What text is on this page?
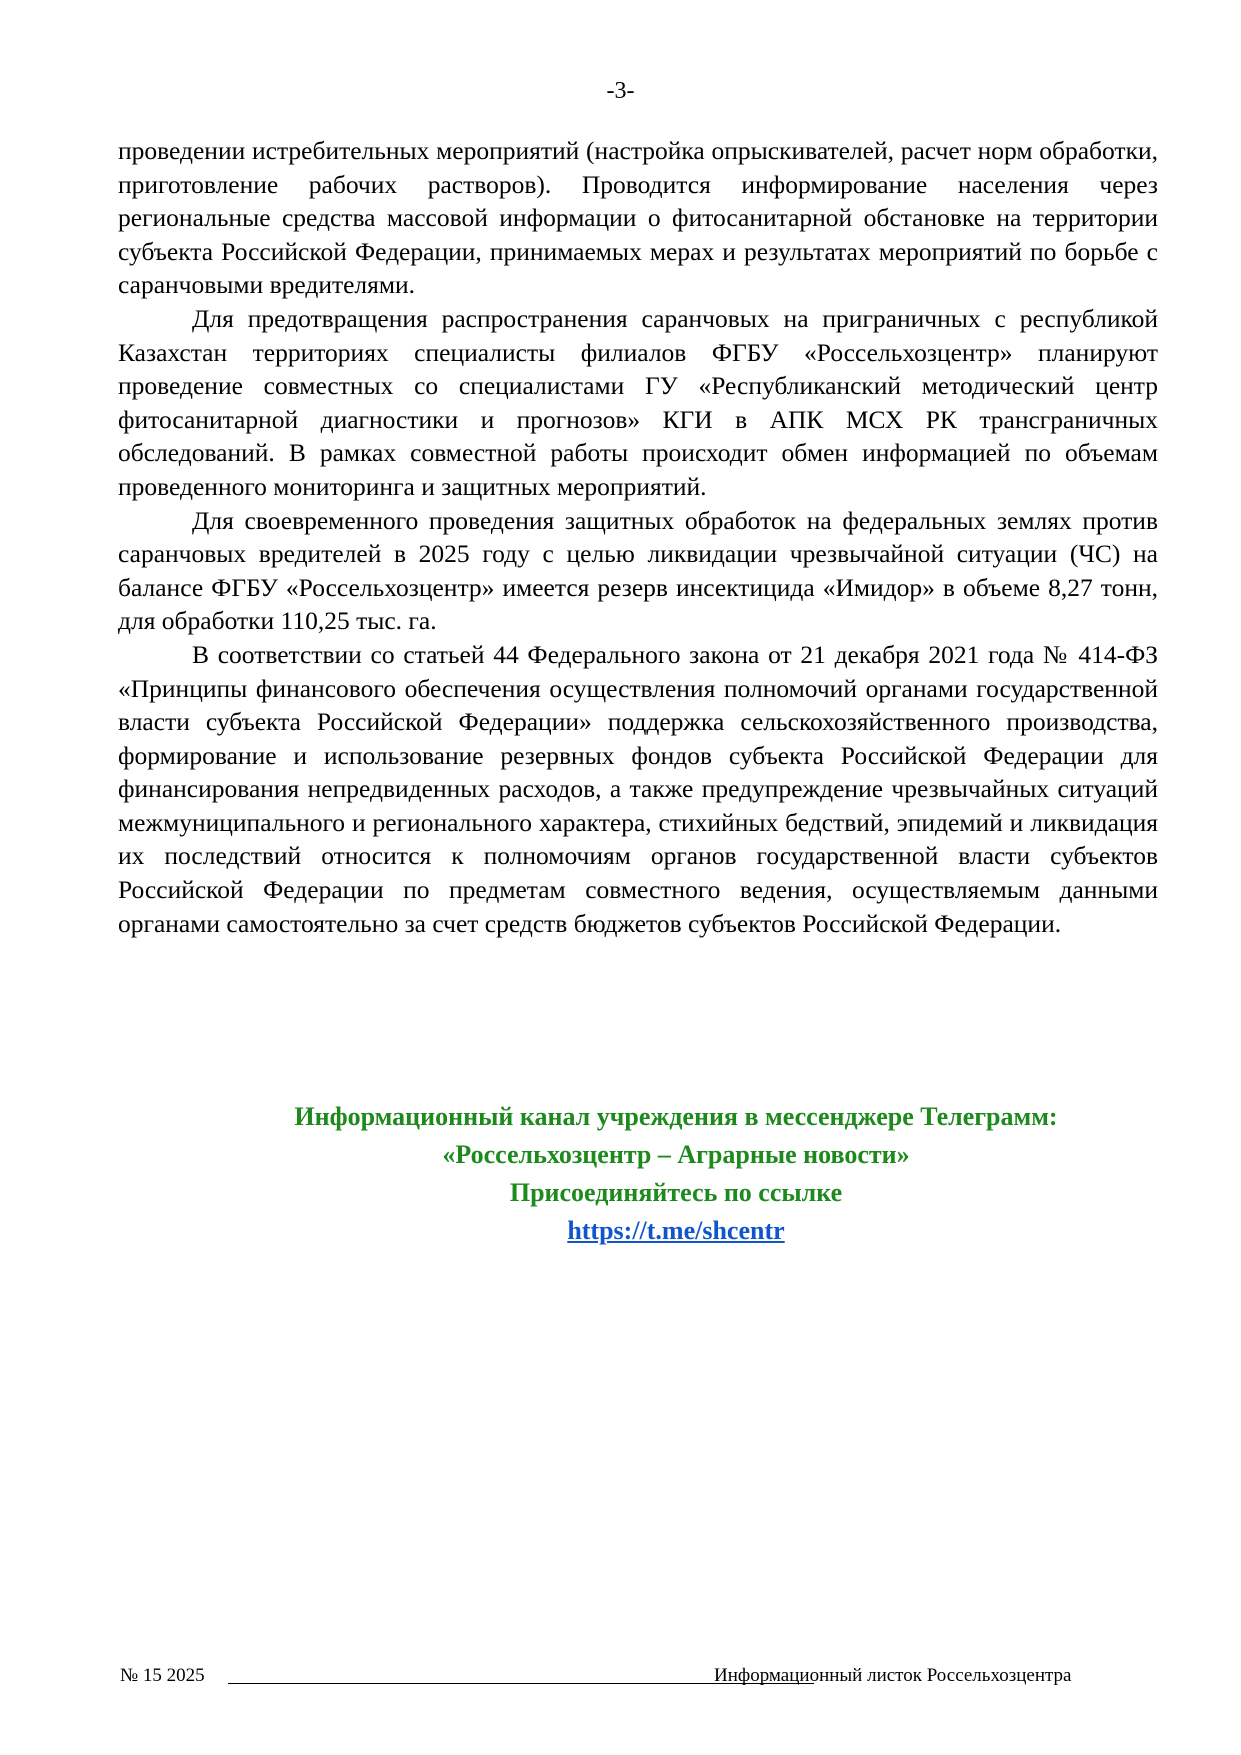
-3-

проведении истребительных мероприятий (настройка опрыскивателей, расчет норм обработки, приготовление рабочих растворов). Проводится информирование населения через региональные средства массовой информации о фитосанитарной обстановке на территории субъекта Российской Федерации, принимаемых мерах и результатах мероприятий по борьбе с саранчовыми вредителями.

Для предотвращения распространения саранчовых на приграничных с республикой Казахстан территориях специалисты филиалов ФГБУ «Россельхозцентр» планируют проведение совместных со специалистами ГУ «Республиканский методический центр фитосанитарной диагностики и прогнозов» КГИ в АПК МСХ РК трансграничных обследований. В рамках совместной работы происходит обмен информацией по объемам проведенного мониторинга и защитных мероприятий.

Для своевременного проведения защитных обработок на федеральных землях против саранчовых вредителей в 2025 году с целью ликвидации чрезвычайной ситуации (ЧС) на балансе ФГБУ «Россельхозцентр» имеется резерв инсектицида «Имидор» в объеме 8,27 тонн, для обработки 110,25 тыс. га.

В соответствии со статьей 44 Федерального закона от 21 декабря 2021 года № 414-ФЗ «Принципы финансового обеспечения осуществления полномочий органами государственной власти субъекта Российской Федерации» поддержка сельскохозяйственного производства, формирование и использование резервных фондов субъекта Российской Федерации для финансирования непредвиденных расходов, а также предупреждение чрезвычайных ситуаций межмуниципального и регионального характера, стихийных бедствий, эпидемий и ликвидация их последствий относится к полномочиям органов государственной власти субъектов Российской Федерации по предметам совместного ведения, осуществляемым данными органами самостоятельно за счет средств бюджетов субъектов Российской Федерации.

Информационный канал учреждения в мессенджере Телеграмм:
«Россельхозцентр – Аграрные новости»
Присоединяйтесь по ссылке
https://t.me/shcentr
№ 15 2025	Информационный листок Россельхозцентра
